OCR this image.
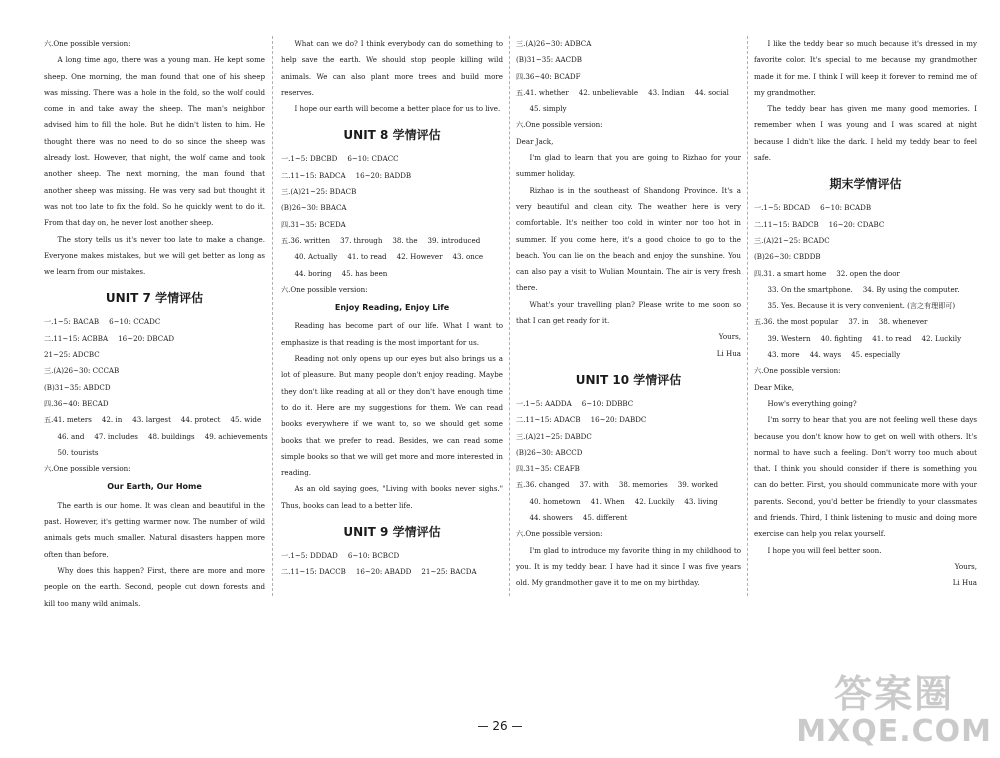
六.One possible version:

A long time ago, there was a young man. He kept some sheep. One morning, the man found that one of his sheep was missing. There was a hole in the fold, so the wolf could come in and take away the sheep. The man's neighbor advised him to fill the hole. But he didn't listen to him. He thought there was no need to do so since the sheep was already lost. However, that night, the wolf came and took another sheep. The next morning, the man found that another sheep was missing. He was very sad but thought it was not too late to fix the fold. So he quickly went to do it. From that day on, he never lost another sheep.

The story tells us it's never too late to make a change. Everyone makes mistakes, but we will get better as long as we learn from our mistakes.

UNIT 7 学情评估

一.1~5: BACAB 6~10: CCADC

二.11~15: ACBBA 16~20: DBCAD

21~25: ADCBC

三.(A)26~30: CCCAB

(B)31~35: ABDCD

四.36~40: BECAD

五.41. meters 42. in 43. largest 44. protect 45. wide

46. and 47. includes 48. buildings 49. achievements

50. tourists

六.One possible version:

Our Earth, Our Home

The earth is our home. It was clean and beautiful in the past. However, it's getting warmer now. The number of wild animals gets much smaller. Natural disasters happen more often than before.

Why does this happen? First, there are more and more people on the earth. Second, people cut down forests and kill too many wild animals.

What can we do? I think everybody can do something to help save the earth. We should stop people killing wild animals. We can also plant more trees and build more reserves.

I hope our earth will become a better place for us to live.

UNIT 8 学情评估

一.1~5: DBCBD 6~10: CDACC

二.11~15: BADCA 16~20: BADDB

三.(A)21~25: BDACB

(B)26~30: BBACA

四.31~35: BCEDA

五.36. written 37. through 38. the 39. introduced

40. Actually 41. to read 42. However 43. once

44. boring 45. has been

六.One possible version:

Enjoy Reading, Enjoy Life

Reading has become part of our life. What I want to emphasize is that reading is the most important for us.

Reading not only opens up our eyes but also brings us a lot of pleasure. But many people don't enjoy reading. Maybe they don't like reading at all or they don't have enough time to do it. Here are my suggestions for them. We can read books everywhere if we want to, so we should get some books that we prefer to read. Besides, we can read some simple books so that we will get more and more interested in reading.

As an old saying goes, "Living with books never sighs." Thus, books can lead to a better life.

UNIT 9 学情评估

一.1~5: DDDAD 6~10: BCBCD

二.11~15: DACCB 16~20: ABADD 21~25: BACDA

三.(A)26~30: ADBCA

(B)31~35: AACDB

四.36~40: BCADF

五.41. whether 42. unbelievable 43. Indian 44. social

45. simply

六.One possible version:

Dear Jack,

I'm glad to learn that you are going to Rizhao for your summer holiday.

Rizhao is in the southeast of Shandong Province. It's a very beautiful and clean city. The weather here is very comfortable. It's neither too cold in winter nor too hot in summer. If you come here, it's a good choice to go to the beach. You can lie on the beach and enjoy the sunshine. You can also pay a visit to Wulian Mountain. The air is very fresh there.

What's your travelling plan? Please write to me soon so that I can get ready for it.

Yours,

Li Hua

UNIT 10 学情评估

一.1~5: AADDA 6~10: DDBBC

二.11~15: ADACB 16~20: DABDC

三.(A)21~25: DABDC

(B)26~30: ABCCD

四.31~35: CEAFB

五.36. changed 37. with 38. memories 39. worked

40. hometown 41. When 42. Luckily 43. living

44. showers 45. different

六.One possible version:

I'm glad to introduce my favorite thing in my childhood to you. It is my teddy bear. I have had it since I was five years old. My grandmother gave it to me on my birthday.

I like the teddy bear so much because it's dressed in my favorite color. It's special to me because my grandmother made it for me. I think I will keep it forever to remind me of my grandmother.

The teddy bear has given me many good memories. I remember when I was young and I was scared at night because I didn't like the dark. I held my teddy bear to feel safe.

期末学情评估

一.1~5: BDCAD 6~10: BCADB

二.11~15: BADCB 16~20: CDABC

三.(A)21~25: BCADC

(B)26~30: CBDDB

四.31. a smart home 32. open the door

33. On the smartphone. 34. By using the computer.

35. Yes. Because it is very convenient. (言之有理即可)

五.36. the most popular 37. in 38. whenever

39. Western 40. fighting 41. to read 42. Luckily

43. more 44. ways 45. especially

六.One possible version:

Dear Mike,

How's everything going?

I'm sorry to hear that you are not feeling well these days because you don't know how to get on well with others. It's normal to have such a feeling. Don't worry too much about that. I think you should consider if there is something you can do better. First, you should communicate more with your parents. Second, you'd better be friendly to your classmates and friends. Third, I think listening to music and doing more exercise can help you relax yourself.

I hope you will feel better soon.

Yours,

Li Hua

26
答案圈
MXQE.COM
